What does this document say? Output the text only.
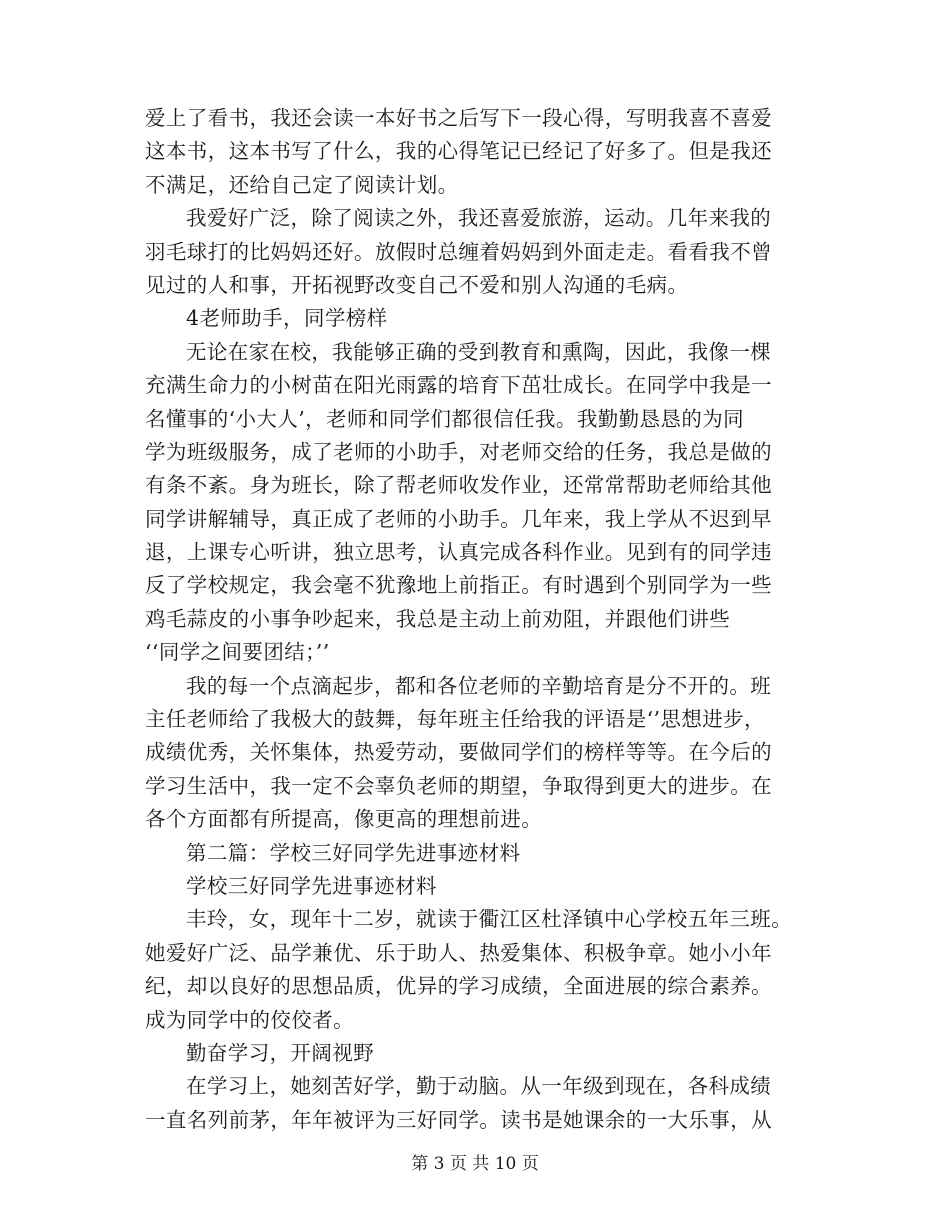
爱上了看书，我还会读一本好书之后写下一段心得，写明我喜不喜爱
这本书，这本书写了什么，我的心得笔记已经记了好多了。但是我还
不满足，还给自己定了阅读计划。
我爱好广泛，除了阅读之外，我还喜爱旅游，运动。几年来我的
羽毛球打的比妈妈还好。放假时总缠着妈妈到外面走走。看看我不曾
见过的人和事，开拓视野改变自己不爱和别人沟通的毛病。
4老师助手，同学榜样
无论在家在校，我能够正确的受到教育和熏陶，因此，我像一棵
充满生命力的小树苗在阳光雨露的培育下茁壮成长。在同学中我是一
名懂事的‘小大人’，老师和同学们都很信任我。我勤勤恳恳的为同
学为班级服务，成了老师的小助手，对老师交给的任务，我总是做的
有条不紊。身为班长，除了帮老师收发作业，还常常帮助老师给其他
同学讲解辅导，真正成了老师的小助手。几年来，我上学从不迟到早
退，上课专心听讲，独立思考，认真完成各科作业。见到有的同学违
反了学校规定，我会毫不犹豫地上前指正。有时遇到个别同学为一些
鸡毛蒜皮的小事争吵起来，我总是主动上前劝阻，并跟他们讲些
‘‘同学之间要团结；’’
我的每一个点滴起步，都和各位老师的辛勤培育是分不开的。班
主任老师给了我极大的鼓舞，每年班主任给我的评语是‘’思想进步，
成绩优秀，关怀集体，热爱劳动，要做同学们的榜样等等。在今后的
学习生活中，我一定不会辜负老师的期望，争取得到更大的进步。在
各个方面都有所提高，像更高的理想前进。
第二篇：学校三好同学先进事迹材料
学校三好同学先进事迹材料
丰玲，女，现年十二岁，就读于衢江区杜泽镇中心学校五年三班。
她爱好广泛、品学兼优、乐于助人、热爱集体、积极争章。她小小年
纪，却以良好的思想品质，优异的学习成绩，全面进展的综合素养。
成为同学中的佼佼者。
勤奋学习，开阔视野
在学习上，她刻苦好学，勤于动脑。从一年级到现在，各科成绩
一直名列前茅，年年被评为三好同学。读书是她课余的一大乐事，从
第 3 页 共 10 页
